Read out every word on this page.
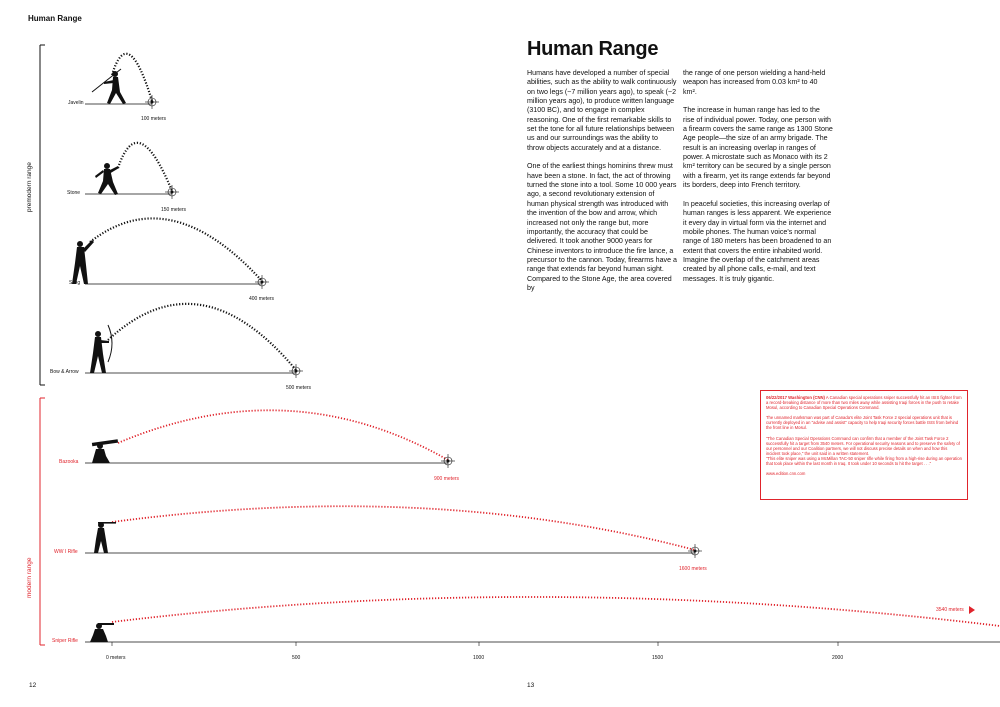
Human Range
Human Range

Humans have developed a number of special abilities, such as the ability to walk continuously on two legs (~7 million years ago), to speak (~2 million years ago), to produce written language (3100 BC), and to engage in complex reasoning. One of the first remarkable skills to set the tone for all future relationships between us and our surroundings was the ability to throw objects accurately and at a distance.

One of the earliest things hominins threw must have been a stone. In fact, the act of throwing turned the stone into a tool. Some 10 000 years ago, a second revolutionary extension of human physical strength was introduced with the invention of the bow and arrow, which increased not only the range but, more importantly, the accuracy that could be delivered. It took another 9000 years for Chinese inventors to introduce the fire lance, a precursor to the cannon. Today, firearms have a range that extends far beyond human sight. Compared to the Stone Age, the area covered by

the range of one person wielding a hand-held weapon has increased from 0.03 km² to 40 km².

The increase in human range has led to the rise of individual power. Today, one person with a firearm covers the same range as 1300 Stone Age people—the size of an army brigade. The result is an increasing overlap in ranges of power. A microstate such as Monaco with its 2 km² territory can be secured by a single person with a firearm, yet its range extends far beyond its borders, deep into French territory.

In peaceful societies, this increasing overlap of human ranges is less apparent. We experience it every day in virtual form via the internet and mobile phones. The human voice's normal range of 180 meters has been broadened to an extent that covers the entire inhabited world. Imagine the overlap of the catchment areas created by all phone calls, e-mail, and text messages. It is truly gigantic.

premodern range
modern range
Javelin
Stone
Sling
Bow & Arrow
Bazooka
WW I Rifle
Sniper Rifle
100 meters
150 meters
400 meters
500 meters
900 meters
1600 meters
3540 meters
0 meters	500	1000	1500	2000

06/22/2017 Washington (CNN) A Canadian special operations sniper successfully hit an ISIS fighter from a record-breaking distance of more than two miles away while assisting Iraqi forces in the push to retake Mosul, according to Canadian Special Operations Command.

The unnamed marksman was part of Canada's elite Joint Task Force 2 special operations unit that is currently deployed in an "advise and assist" capacity to help Iraqi security forces battle ISIS from behind the front line in Mosul.

"The Canadian Special Operations Command can confirm that a member of the Joint Task Force 2 successfully hit a target from 3540 meters. For operational security reasons and to preserve the safety of our personnel and our Coalition partners, we will not discuss precise details on when and how this incident took place," the unit said in a written statement.

"This elite sniper was using a McMillan TAC-50 sniper rifle while firing from a high-rise during an operation that took place within the last month in Iraq. It took under 10 seconds to hit the target . . ."

www.edition.cnn.com

12	13
